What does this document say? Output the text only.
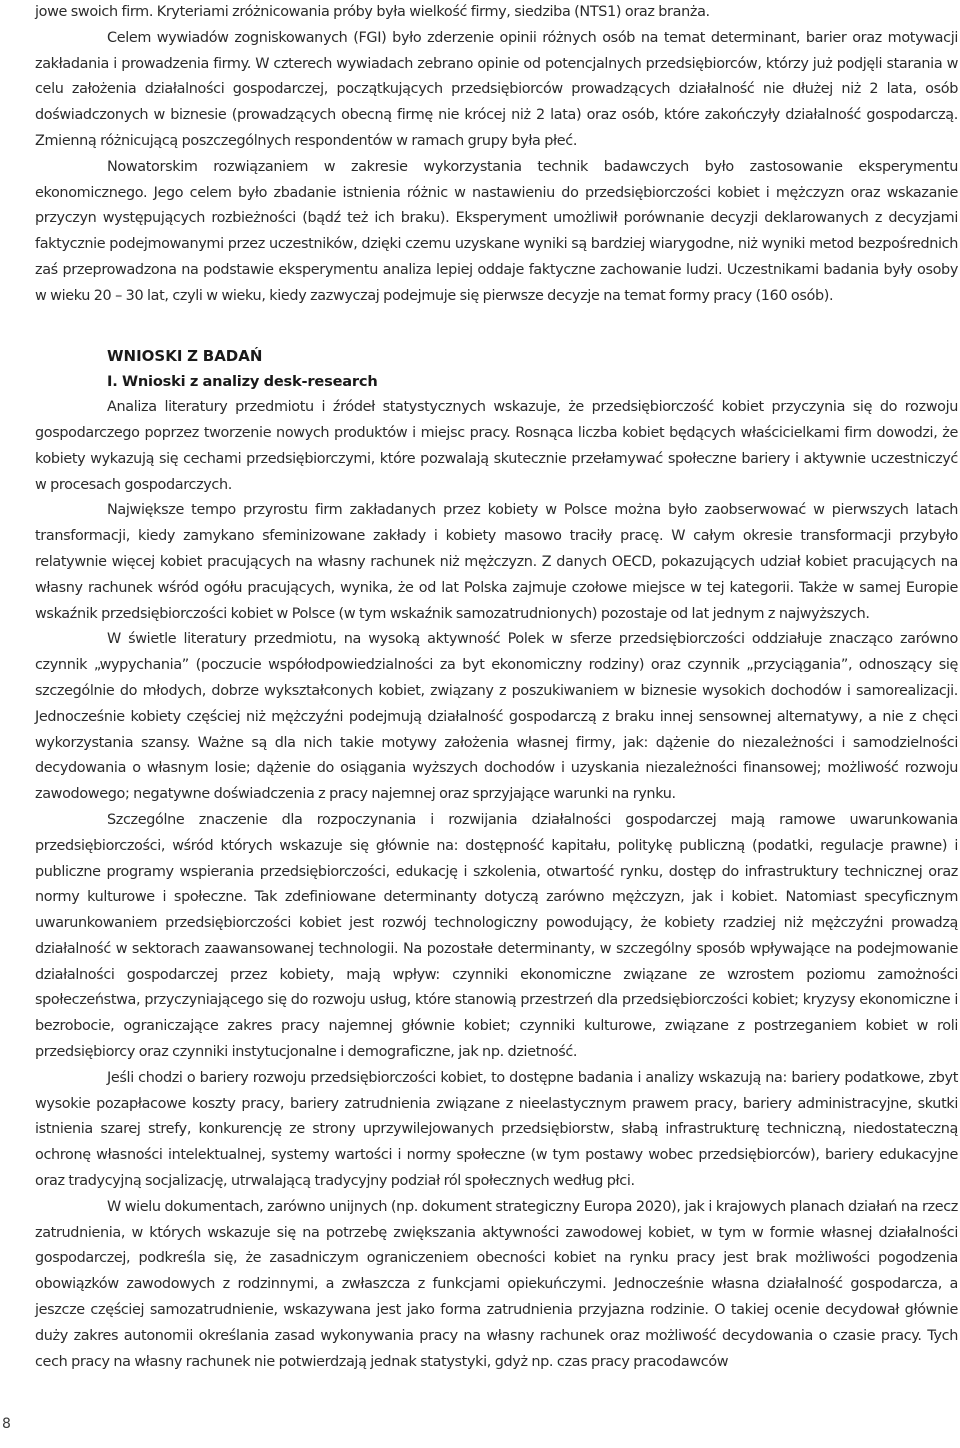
jowe swoich firm. Kryteriami zróżnicowania próby była wielkość firmy, siedziba (NTS1) oraz branża.

Celem wywiadów zogniskowanych (FGI) było zderzenie opinii różnych osób na temat determinant, barier oraz motywacji zakładania i prowadzenia firmy. W czterech wywiadach zebrano opinie od potencjalnych przedsiębiorców, którzy już podjęli starania w celu założenia działalności gospodarczej, początkujących przedsiębiorców prowadzących działalność nie dłużej niż 2 lata, osób doświadczonych w biznesie (prowadzących obecną firmę nie krócej niż 2 lata) oraz osób, które zakończyły działalność gospodarczą. Zmienną różnicującą poszczególnych respondentów w ramach grupy była płeć.

Nowatorskim rozwiązaniem w zakresie wykorzystania technik badawczych było zastosowanie eksperymentu ekonomicznego. Jego celem było zbadanie istnienia różnic w nastawieniu do przedsiębiorczości kobiet i mężczyzn oraz wskazanie przyczyn występujących rozbieżności (bądź też ich braku). Eksperyment umożliwił porównanie decyzji deklarowanych z decyzjami faktycznie podejmowanymi przez uczestników, dzięki czemu uzyskane wyniki są bardziej wiarygodne, niż wyniki metod bezpośrednich zaś przeprowadzona na podstawie eksperymentu analiza lepiej oddaje faktyczne zachowanie ludzi. Uczestnikami badania były osoby w wieku 20 – 30 lat, czyli w wieku, kiedy zazwyczaj podejmuje się pierwsze decyzje na temat formy pracy (160 osób).

WNIOSKI Z BADAŃ
I. Wnioski z analizy desk-research

Analiza literatury przedmiotu i źródeł statystycznych wskazuje, że przedsiębiorczość kobiet przyczynia się do rozwoju gospodarczego poprzez tworzenie nowych produktów i miejsc pracy. Rosnąca liczba kobiet będących właścicielkami firm dowodzi, że kobiety wykazują się cechami przedsiębiorczymi, które pozwalają skutecznie przełamywać społeczne bariery i aktywnie uczestniczyć w procesach gospodarczych.

Największe tempo przyrostu firm zakładanych przez kobiety w Polsce można było zaobserwować w pierwszych latach transformacji, kiedy zamykano sfeminizowane zakłady i kobiety masowo traciły pracę. W całym okresie transformacji przybyło relatywnie więcej kobiet pracujących na własny rachunek niż mężczyzn. Z danych OECD, pokazujących udział kobiet pracujących na własny rachunek wśród ogółu pracujących, wynika, że od lat Polska zajmuje czołowe miejsce w tej kategorii. Także w samej Europie wskaźnik przedsiębiorczości kobiet w Polsce (w tym wskaźnik samozatrudnionych) pozostaje od lat jednym z najwyższych.

W świetle literatury przedmiotu, na wysoką aktywność Polek w sferze przedsiębiorczości oddziałuje znacząco zarówno czynnik „wypychania” (poczucie współodpowiedzialności za byt ekonomiczny rodziny) oraz czynnik „przyciągania”, odnoszący się szczególnie do młodych, dobrze wykształconych kobiet, związany z poszukiwaniem w biznesie wysokich dochodów i samorealizacji. Jednocześnie kobiety częściej niż mężczyźni podejmują działalność gospodarczą z braku innej sensownej alternatywy, a nie z chęci wykorzystania szansy. Ważne są dla nich takie motywy założenia własnej firmy, jak: dążenie do niezależności i samodzielności decydowania o własnym losie; dążenie do osiągania wyższych dochodów i uzyskania niezależności finansowej; możliwość rozwoju zawodowego; negatywne doświadczenia z pracy najemnej oraz sprzyjające warunki na rynku.

Szczególne znaczenie dla rozpoczynania i rozwijania działalności gospodarczej mają ramowe uwarunkowania przedsiębiorczości, wśród których wskazuje się głównie na: dostępność kapitału, politykę publiczną (podatki, regulacje prawne) i publiczne programy wspierania przedsiębiorczości, edukację i szkolenia, otwartość rynku, dostęp do infrastruktury technicznej oraz normy kulturowe i społeczne. Tak zdefiniowane determinanty dotyczą zarówno mężczyzn, jak i kobiet. Natomiast specyficznym uwarunkowaniem przedsiębiorczości kobiet jest rozwój technologiczny powodujący, że kobiety rzadziej niż mężczyźni prowadzą działalność w sektorach zaawansowanej technologii. Na pozostałe determinanty, w szczególny sposób wpływające na podejmowanie działalności gospodarczej przez kobiety, mają wpływ: czynniki ekonomiczne związane ze wzrostem poziomu zamożności społeczeństwa, przyczyniającego się do rozwoju usług, które stanowią przestrzeń dla przedsiębiorczości kobiet; kryzysy ekonomiczne i bezrobocie, ograniczające zakres pracy najemnej głównie kobiet; czynniki kulturowe, związane z postrzeganiem kobiet w roli przedsiębiorcy oraz czynniki instytucjonalne i demograficzne, jak np. dzietność.

Jeśli chodzi o bariery rozwoju przedsiębiorczości kobiet, to dostępne badania i analizy wskazują na: bariery podatkowe, zbyt wysokie pozapłacowe koszty pracy, bariery zatrudnienia związane z nieelastycznym prawem pracy, bariery administracyjne, skutki istnienia szarej strefy, konkurencję ze strony uprzywilejowanych przedsiębiorstw, słabą infrastrukturę techniczną, niedostateczną ochronę własności intelektualnej, systemy wartości i normy społeczne (w tym postawy wobec przedsiębiorców), bariery edukacyjne oraz tradycyjną socjalizację, utrwalającą tradycyjny podział ról społecznych według płci.

W wielu dokumentach, zarówno unijnych (np. dokument strategiczny Europa 2020), jak i krajowych planach działań na rzecz zatrudnienia, w których wskazuje się na potrzebę zwiększania aktywności zawodowej kobiet, w tym w formie własnej działalności gospodarczej, podkreśla się, że zasadniczym ograniczeniem obecności kobiet na rynku pracy jest brak możliwości pogodzenia obowiązków zawodowych z rodzinnymi, a zwłaszcza z funkcjami opiekuńczymi. Jednocześnie własna działalność gospodarcza, a jeszcze częściej samozatrudnienie, wskazywana jest jako forma zatrudnienia przyjazna rodzinie. O takiej ocenie decydował głównie duży zakres autonomii określania zasad wykonywania pracy na własny rachunek oraz możliwość decydowania o czasie pracy. Tych cech pracy na własny rachunek nie potwierdzają jednak statystyki, gdyż np. czas pracy pracodawców

8
